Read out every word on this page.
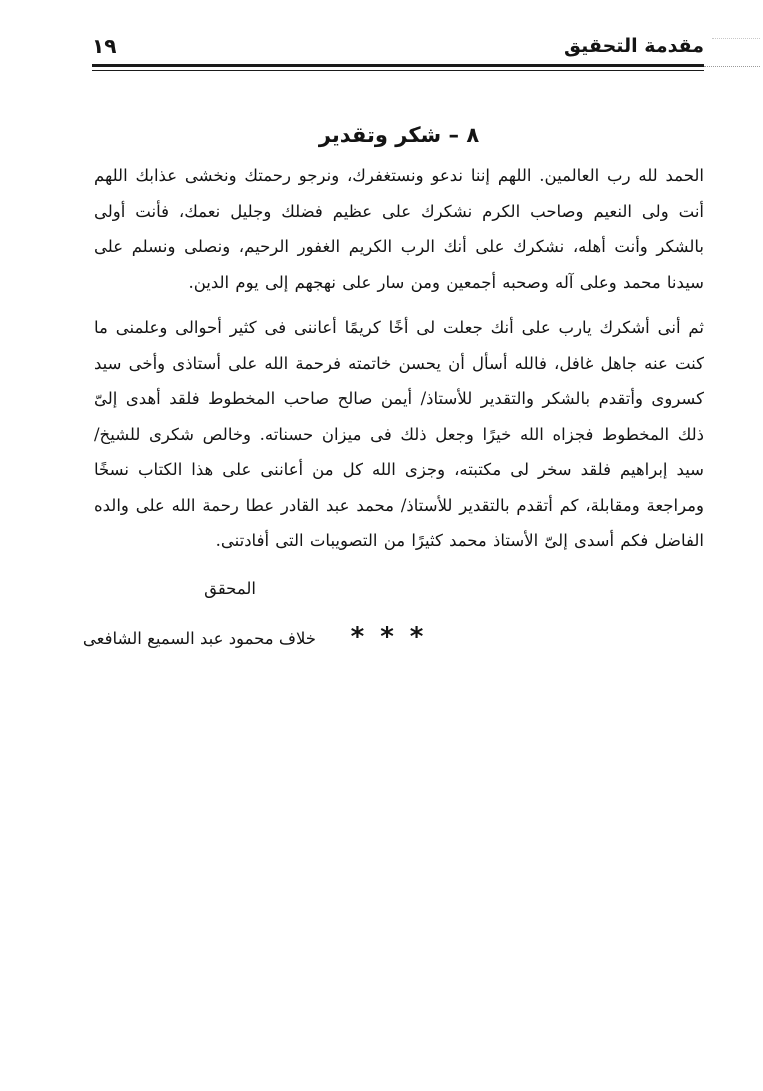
مقدمة التحقيق
١٩
٨ – شكر وتقدير

الحمد لله رب العالمين. اللهم إننا ندعو ونستغفرك، ونرجو رحمتك ونخشى عذابك اللهم أنت ولى النعيم وصاحب الكرم نشكرك على عظيم فضلك وجليل نعمك، فأنت أولى بالشكر وأنت أهله، نشكرك على أنك الرب الكريم الغفور الرحيم، ونصلى ونسلم على سيدنا محمد وعلى آله وصحبه أجمعين ومن سار على نهجهم إلى يوم الدين.

ثم أنى أشكرك يارب على أنك جعلت لى أخًا كريمًا أعاننى فى كثير أحوالى وعلمنى ما كنت عنه جاهل غافل، فالله أسأل أن يحسن خاتمته فرحمة الله على أستاذى وأخى سيد كسروى وأتقدم بالشكر والتقدير للأستاذ/ أيمن صالح صاحب المخطوط فلقد أهدى إلىّ ذلك المخطوط فجزاه الله خيرًا وجعل ذلك فى ميزان حسناته. وخالص شكرى للشيخ/ سيد إبراهيم فلقد سخر لى مكتبته، وجزى الله كل من أعاننى على هذا الكتاب نسخًا ومراجعة ومقابلة، كم أتقدم بالتقدير للأستاذ/ محمد عبد القادر عطا رحمة الله على والده الفاضل فكم أسدى إلىّ الأستاذ محمد كثيرًا من التصويبات التى أفادتنى.

المحقق
خلاف محمود عبد السميع الشافعى	***
